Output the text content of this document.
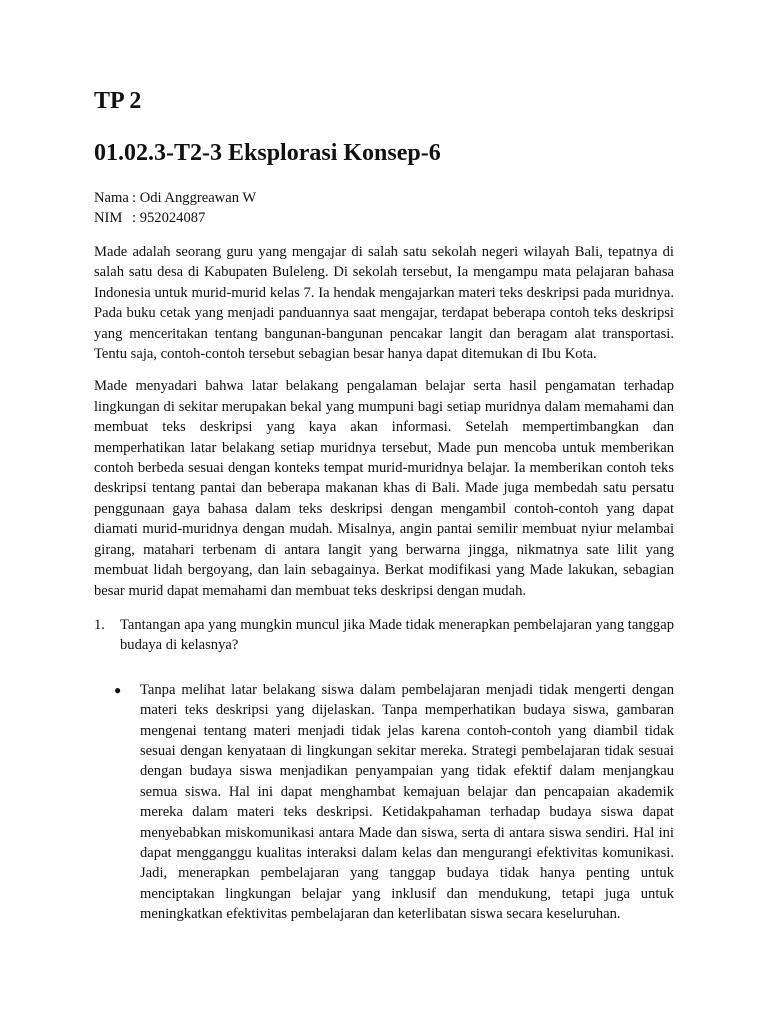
TP 2
01.02.3-T2-3 Eksplorasi Konsep-6
Nama : Odi Anggreawan W
NIM : 952024087

Made adalah seorang guru yang mengajar di salah satu sekolah negeri wilayah Bali, tepatnya di salah satu desa di Kabupaten Buleleng. Di sekolah tersebut, Ia mengampu mata pelajaran bahasa Indonesia untuk murid-murid kelas 7. Ia hendak mengajarkan materi teks deskripsi pada muridnya. Pada buku cetak yang menjadi panduannya saat mengajar, terdapat beberapa contoh teks deskripsi yang menceritakan tentang bangunan-bangunan pencakar langit dan beragam alat transportasi. Tentu saja, contoh-contoh tersebut sebagian besar hanya dapat ditemukan di Ibu Kota.

Made menyadari bahwa latar belakang pengalaman belajar serta hasil pengamatan terhadap lingkungan di sekitar merupakan bekal yang mumpuni bagi setiap muridnya dalam memahami dan membuat teks deskripsi yang kaya akan informasi. Setelah mempertimbangkan dan memperhatikan latar belakang setiap muridnya tersebut, Made pun mencoba untuk memberikan contoh berbeda sesuai dengan konteks tempat murid-muridnya belajar. Ia memberikan contoh teks deskripsi tentang pantai dan beberapa makanan khas di Bali. Made juga membedah satu persatu penggunaan gaya bahasa dalam teks deskripsi dengan mengambil contoh-contoh yang dapat diamati murid-muridnya dengan mudah. Misalnya, angin pantai semilir membuat nyiur melambai girang, matahari terbenam di antara langit yang berwarna jingga, nikmatnya sate lilit yang membuat lidah bergoyang, dan lain sebagainya. Berkat modifikasi yang Made lakukan, sebagian besar murid dapat memahami dan membuat teks deskripsi dengan mudah.

1.	Tantangan apa yang mungkin muncul jika Made tidak menerapkan pembelajaran yang tanggap budaya di kelasnya?
●	Tanpa melihat latar belakang siswa dalam pembelajaran menjadi tidak mengerti dengan materi teks deskripsi yang dijelaskan. Tanpa memperhatikan budaya siswa, gambaran mengenai tentang materi menjadi tidak jelas karena contoh-contoh yang diambil tidak sesuai dengan kenyataan di lingkungan sekitar mereka. Strategi pembelajaran tidak sesuai dengan budaya siswa menjadikan penyampaian yang tidak efektif dalam menjangkau semua siswa. Hal ini dapat menghambat kemajuan belajar dan pencapaian akademik mereka dalam materi teks deskripsi. Ketidakpahaman terhadap budaya siswa dapat menyebabkan miskomunikasi antara Made dan siswa, serta di antara siswa sendiri. Hal ini dapat mengganggu kualitas interaksi dalam kelas dan mengurangi efektivitas komunikasi. Jadi, menerapkan pembelajaran yang tanggap budaya tidak hanya penting untuk menciptakan lingkungan belajar yang inklusif dan mendukung, tetapi juga untuk meningkatkan efektivitas pembelajaran dan keterlibatan siswa secara keseluruhan.
